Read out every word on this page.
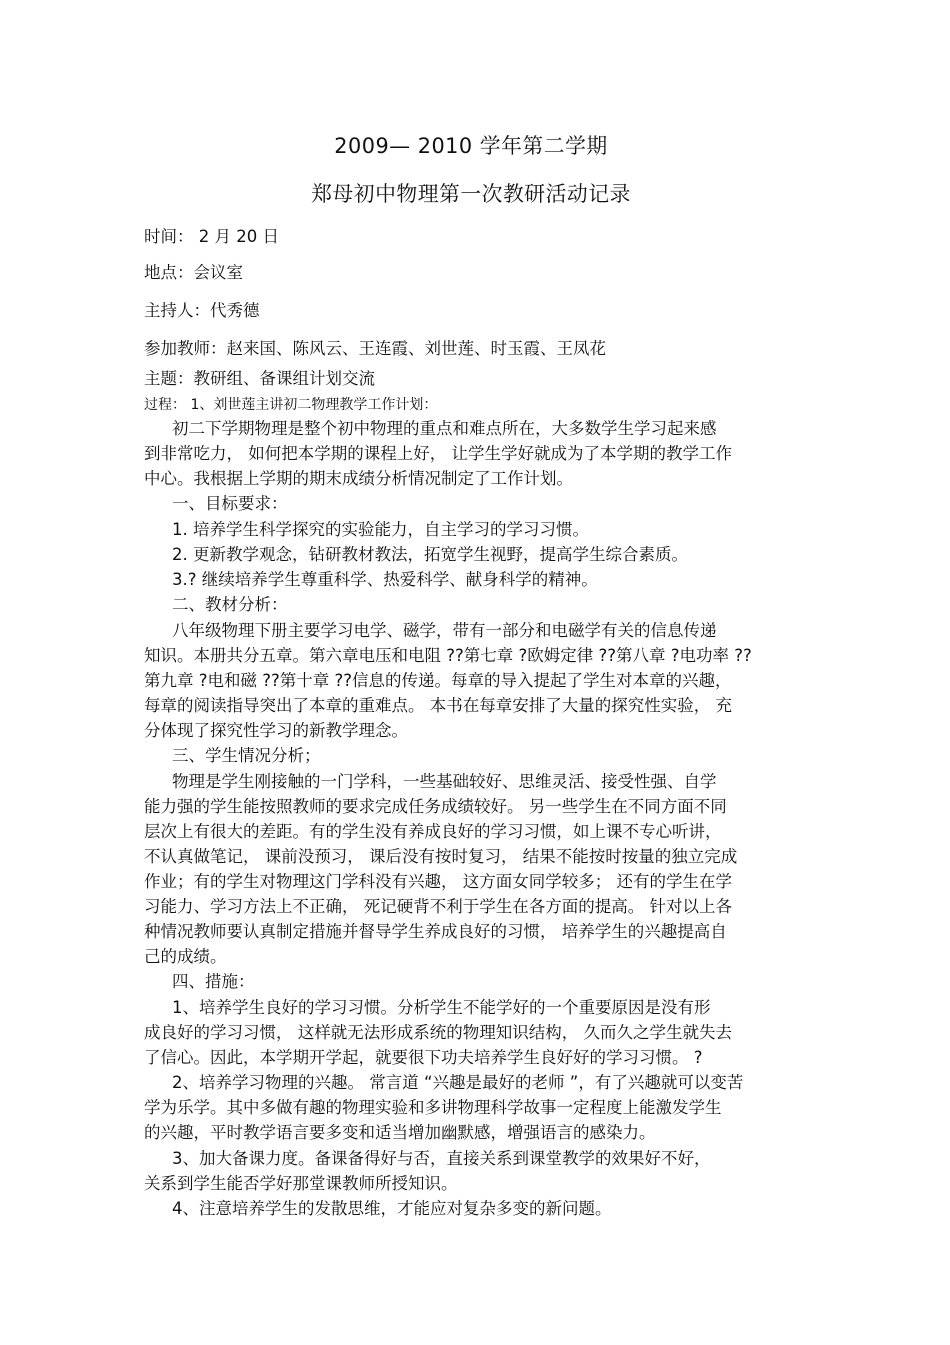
2009— 2010 学年第二学期
郑母初中物理第一次教研活动记录
时间： 2 月 20 日
地点：会议室
主持人：代秀德
参加教师：赵来国、陈风云、王连霞、刘世莲、时玉霞、王凤花
主题：教研组、备课组计划交流
过程： 1、刘世莲主讲初二物理教学工作计划：
初二下学期物理是整个初中物理的重点和难点所在，大多数学生学习起来感
到非常吃力， 如何把本学期的课程上好， 让学生学好就成为了本学期的教学工作
中心。我根据上学期的期末成绩分析情况制定了工作计划。
一、目标要求：
1. 培养学生科学探究的实验能力，自主学习的学习习惯。
2. 更新教学观念，钻研教材教法，拓宽学生视野，提高学生综合素质。
3.? 继续培养学生尊重科学、热爱科学、献身科学的精神。
二、教材分析：
八年级物理下册主要学习电学、磁学，带有一部分和电磁学有关的信息传递
知识。本册共分五章。第六章电压和电阻 ??第七章 ?欧姆定律 ??第八章 ?电功率 ??
第九章 ?电和磁 ??第十章 ??信息的传递。每章的导入提起了学生对本章的兴趣，
每章的阅读指导突出了本章的重难点。 本书在每章安排了大量的探究性实验， 充
分体现了探究性学习的新教学理念。
三、学生情况分析；
物理是学生刚接触的一门学科，一些基础较好、思维灵活、接受性强、自学
能力强的学生能按照教师的要求完成任务成绩较好。 另一些学生在不同方面不同
层次上有很大的差距。有的学生没有养成良好的学习习惯，如上课不专心听讲，
不认真做笔记， 课前没预习， 课后没有按时复习， 结果不能按时按量的独立完成
作业；有的学生对物理这门学科没有兴趣， 这方面女同学较多； 还有的学生在学
习能力、学习方法上不正确， 死记硬背不利于学生在各方面的提高。 针对以上各
种情况教师要认真制定措施并督导学生养成良好的习惯， 培养学生的兴趣提高自
己的成绩。
四、措施：
1、培养学生良好的学习习惯。分析学生不能学好的一个重要原因是没有形
成良好的学习习惯， 这样就无法形成系统的物理知识结构， 久而久之学生就失去
了信心。因此，本学期开学起，就要很下功夫培养学生良好好的学习习惯。 ?
2、培养学习物理的兴趣。 常言道 “兴趣是最好的老师 ”，有了兴趣就可以变苦
学为乐学。其中多做有趣的物理实验和多讲物理科学故事一定程度上能激发学生
的兴趣，平时教学语言要多变和适当增加幽默感，增强语言的感染力。
3、加大备课力度。备课备得好与否，直接关系到课堂教学的效果好不好，
关系到学生能否学好那堂课教师所授知识。
4、注意培养学生的发散思维，才能应对复杂多变的新问题。
